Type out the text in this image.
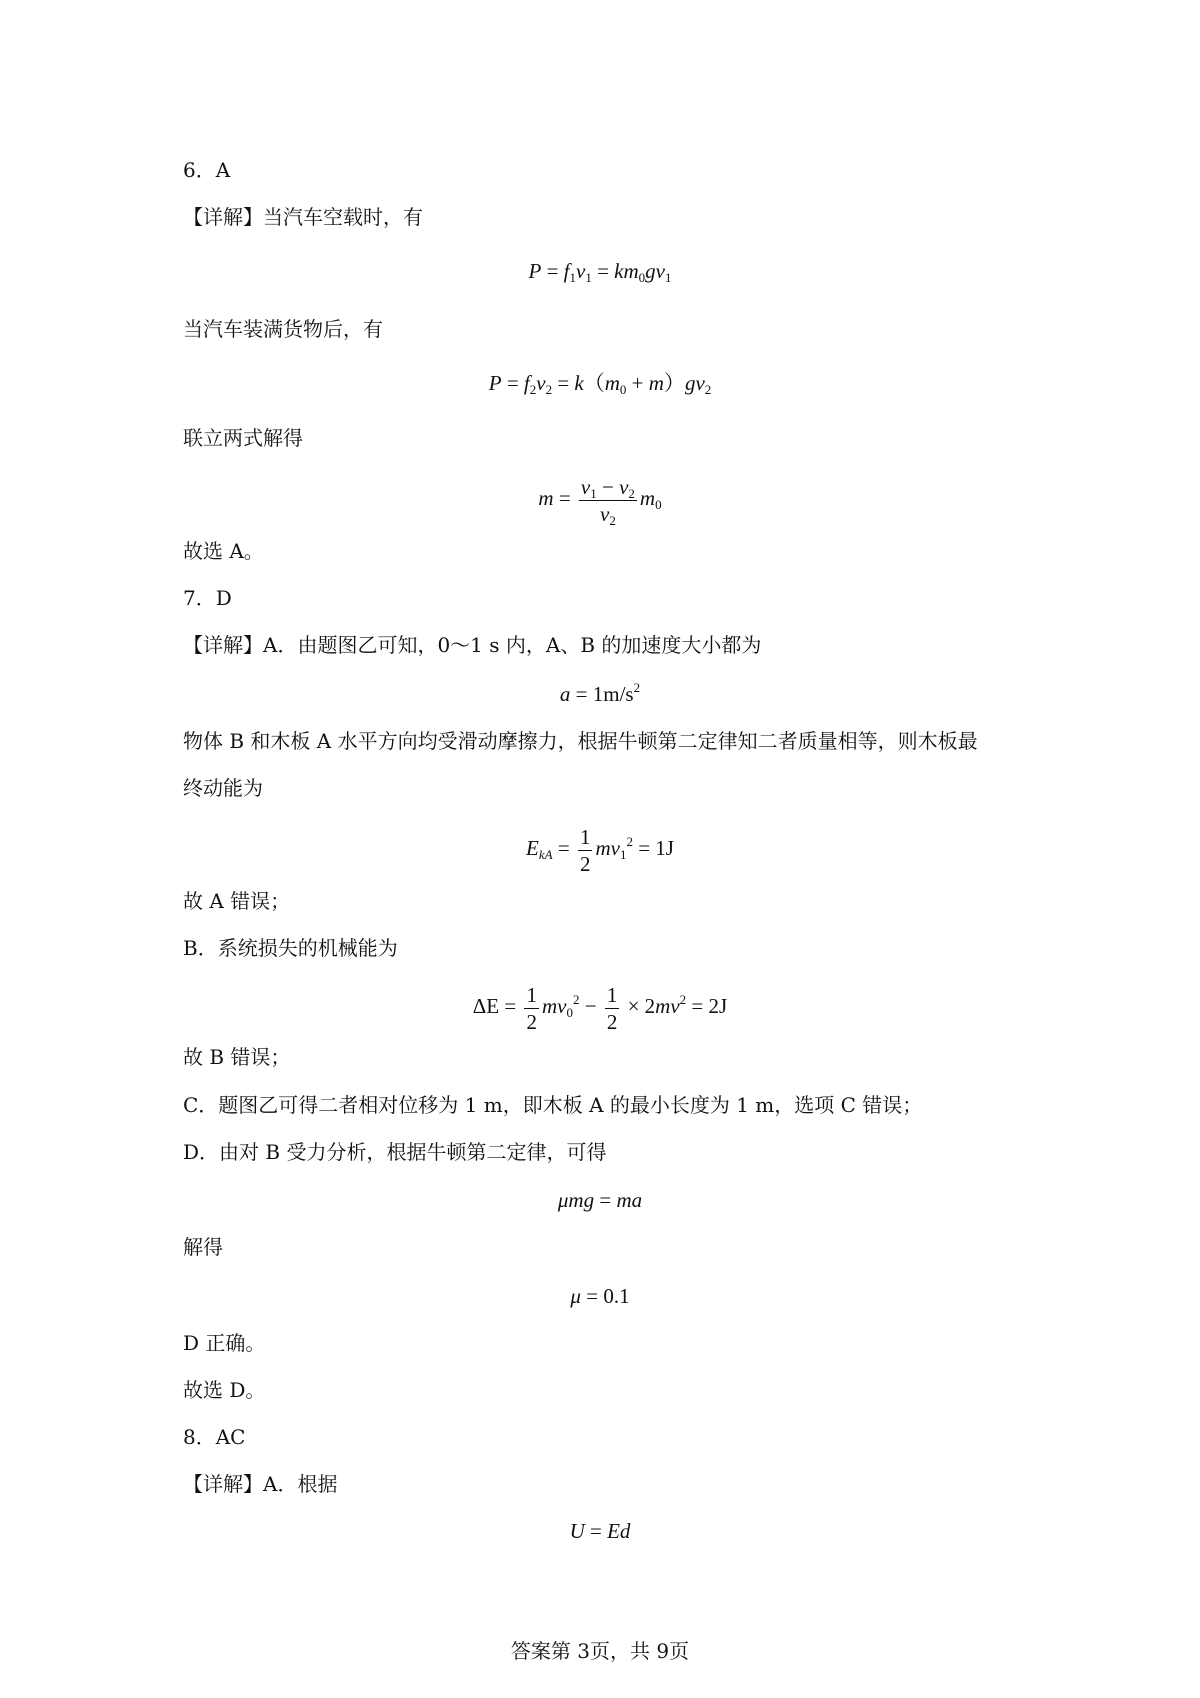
6．A
【详解】当汽车空载时，有
$P = f_1v_1 = km_0gv_1$
当汽车装满货物后，有
$P = f_2v_2 = k(m_0 + m)gv_2$
联立两式解得
$m = \frac{v_1 - v_2}{v_2} m_0$
故选 A。
7．D
【详解】A．由题图乙可知，0～1 s 内，A、B 的加速度大小都为
$a = 1m/s^2$
物体 B 和木板 A 水平方向均受滑动摩擦力，根据牛顿第二定律知二者质量相等，则木板最
终动能为
$E_{kA} = \frac{1}{2} mv_1^2 = 1J$
故 A 错误；
B．系统损失的机械能为
$\Delta E = \frac{1}{2} mv_0^2 - \frac{1}{2} \times 2mv^2 = 2J$
故 B 错误；
C．题图乙可得二者相对位移为 1 m，即木板 A 的最小长度为 1 m，选项 C 错误；
D．由对 B 受力分析，根据牛顿第二定律，可得
μmg = ma
解得
μ = 0.1
D 正确。
故选 D。
8．AC
【详解】A．根据
U = Ed
答案第 3页，共 9页
